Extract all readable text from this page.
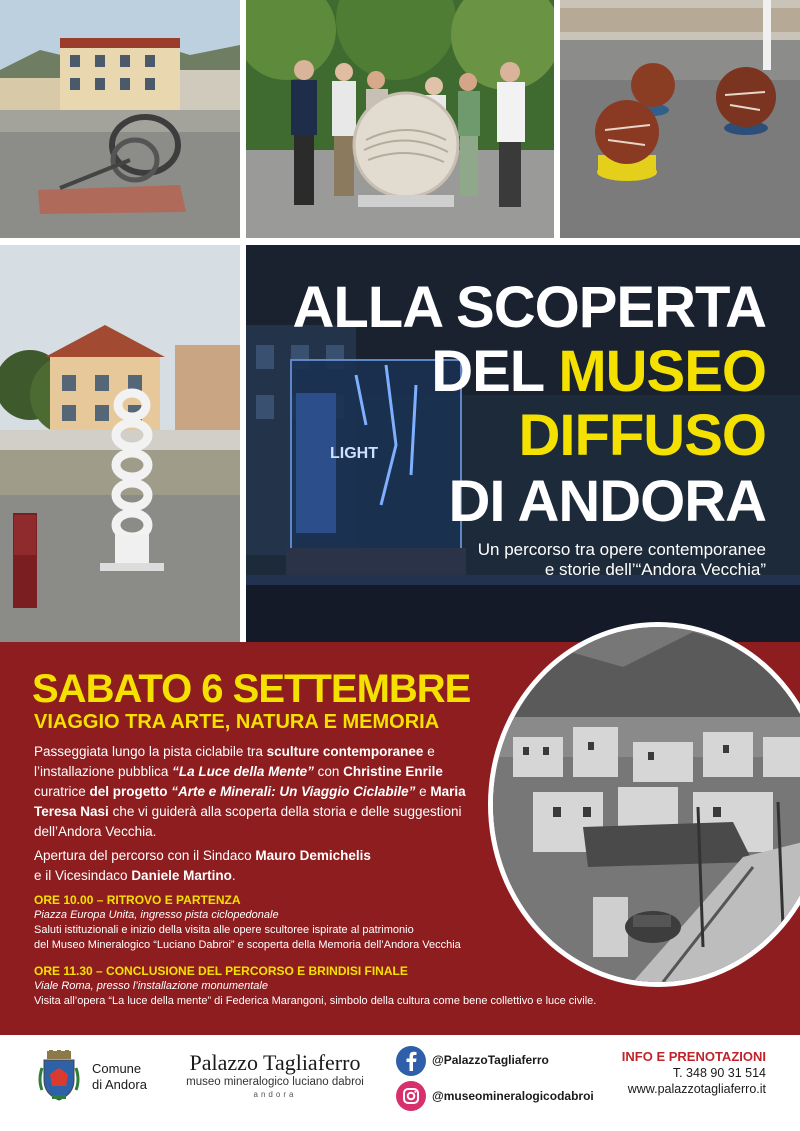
LIGHT
ALLA SCOPERTA
DEL MUSEO
DIFFUSO
DI ANDORA
Un percorso tra opere contemporanee
e storie dell’“Andora Vecchia”
SABATO 6 SETTEMBRE
VIAGGIO TRA ARTE, NATURA E MEMORIA
Passeggiata lungo la pista ciclabile tra sculture contemporanee e l’installazione pubblica “La Luce della Mente” con Christine Enrile curatrice del progetto “Arte e Minerali: Un Viaggio Ciclabile” e Maria Teresa Nasi che vi guiderà alla scoperta della storia e delle suggestioni dell’Andora Vecchia.
Apertura del percorso con il Sindaco Mauro Demichelis
e il Vicesindaco Daniele Martino.
ORE 10.00 – RITROVO E PARTENZA
Piazza Europa Unita, ingresso pista ciclopedonale
Saluti istituzionali e inizio della visita alle opere scultoree ispirate al patrimonio
del Museo Mineralogico “Luciano Dabroi” e scoperta della Memoria dell’Andora Vecchia
ORE 11.30 – CONCLUSIONE DEL PERCORSO E BRINDISI FINALE
Viale Roma, presso l’installazione monumentale
Visita all’opera “La luce della mente” di Federica Marangoni, simbolo della cultura come bene collettivo e luce civile.
Comune
di Andora
Palazzo Tagliaferro
museo mineralogico luciano dabroi
andora
@PalazzoTagliaferro
@museomineralogicodabroi
INFO E PRENOTAZIONI
T. 348 90 31 514
www.palazzotagliaferro.it
